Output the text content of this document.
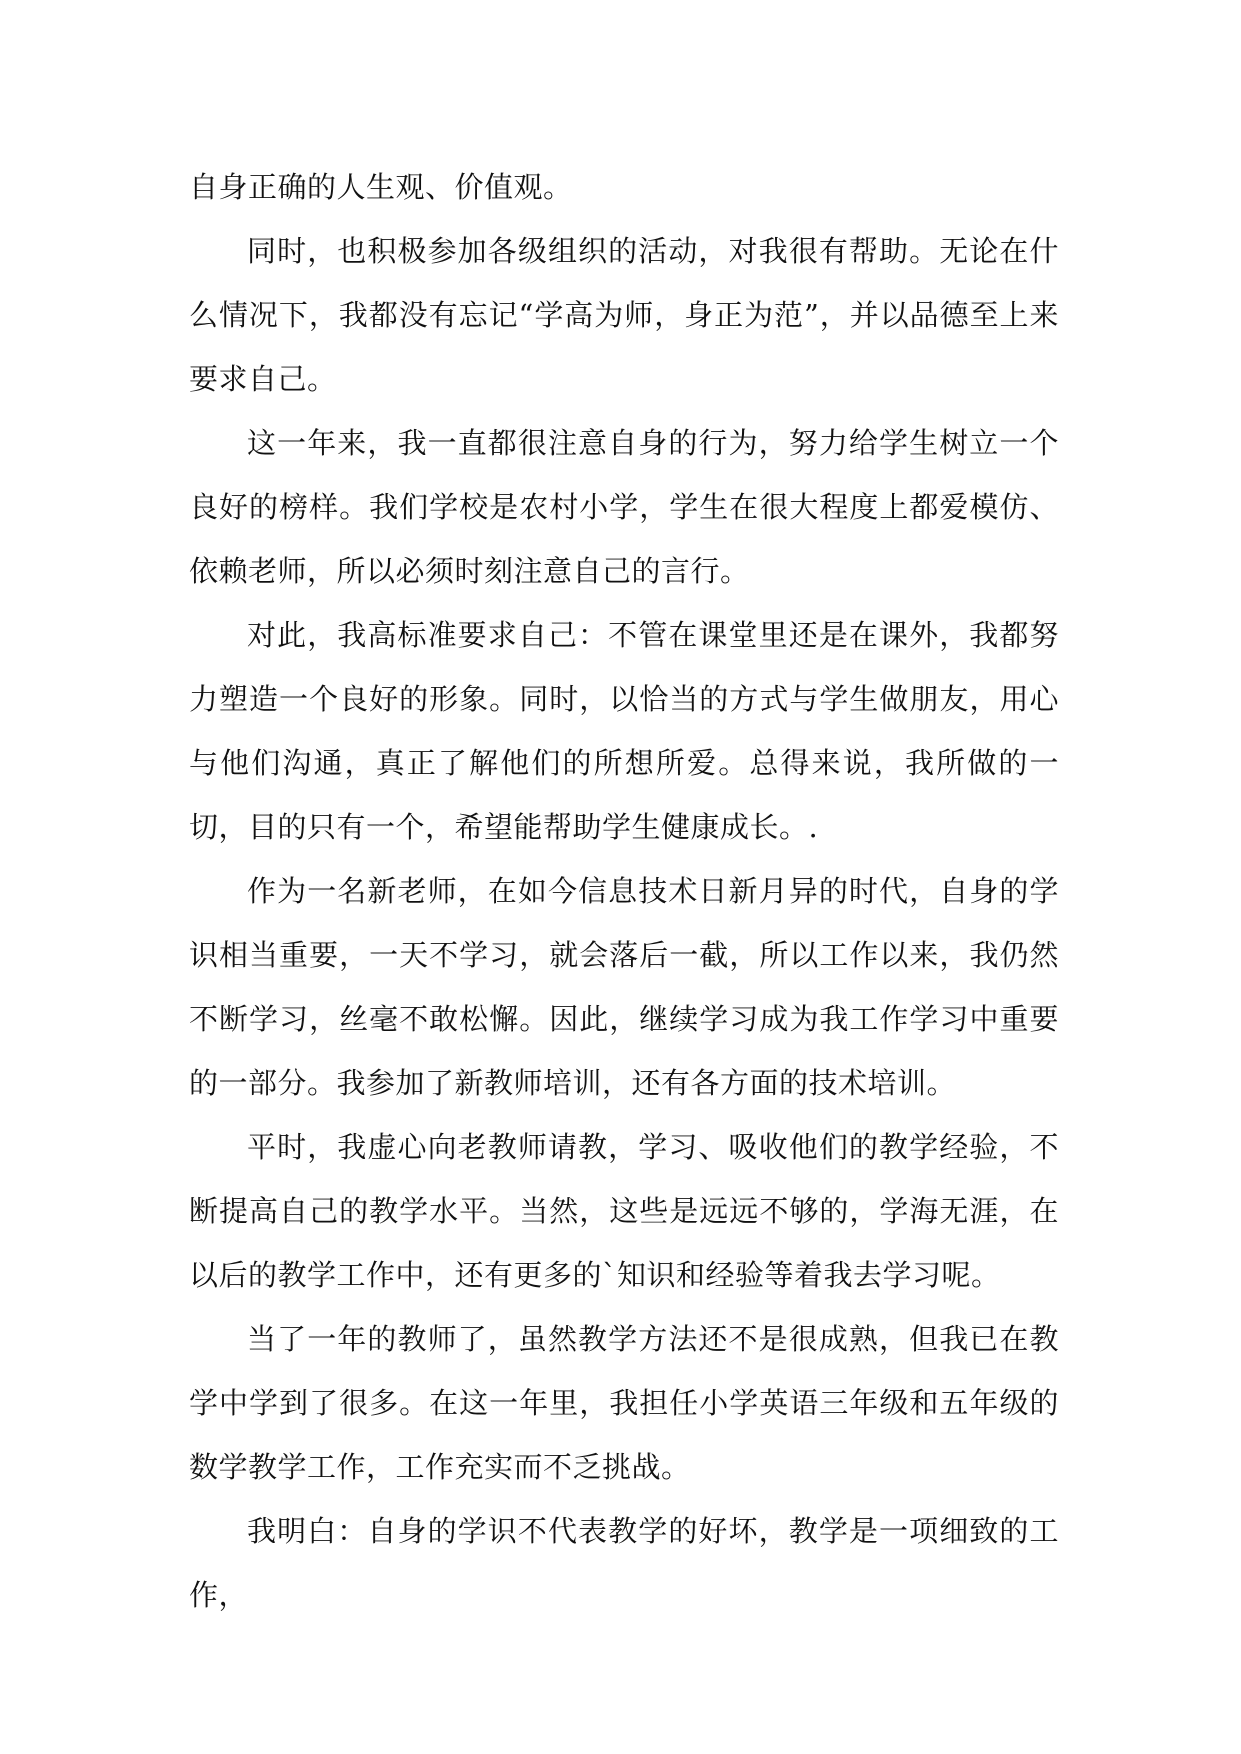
自身正确的人生观、价值观。

同时，也积极参加各级组织的活动，对我很有帮助。无论在什么情况下，我都没有忘记“学高为师，身正为范”，并以品德至上来要求自己。

这一年来，我一直都很注意自身的行为，努力给学生树立一个良好的榜样。我们学校是农村小学，学生在很大程度上都爱模仿、依赖老师，所以必须时刻注意自己的言行。

对此，我高标准要求自己：不管在课堂里还是在课外，我都努力塑造一个良好的形象。同时，以恰当的方式与学生做朋友，用心与他们沟通，真正了解他们的所想所爱。总得来说，我所做的一切，目的只有一个，希望能帮助学生健康成长。.

作为一名新老师，在如今信息技术日新月异的时代，自身的学识相当重要，一天不学习，就会落后一截，所以工作以来，我仍然不断学习，丝毫不敢松懈。因此，继续学习成为我工作学习中重要的一部分。我参加了新教师培训，还有各方面的技术培训。

平时，我虚心向老教师请教，学习、吸收他们的教学经验，不断提高自己的教学水平。当然，这些是远远不够的，学海无涯，在以后的教学工作中，还有更多的`知识和经验等着我去学习呢。

当了一年的教师了，虽然教学方法还不是很成熟，但我已在教学中学到了很多。在这一年里，我担任小学英语三年级和五年级的数学教学工作，工作充实而不乏挑战。

我明白：自身的学识不代表教学的好坏，教学是一项细致的工作，
